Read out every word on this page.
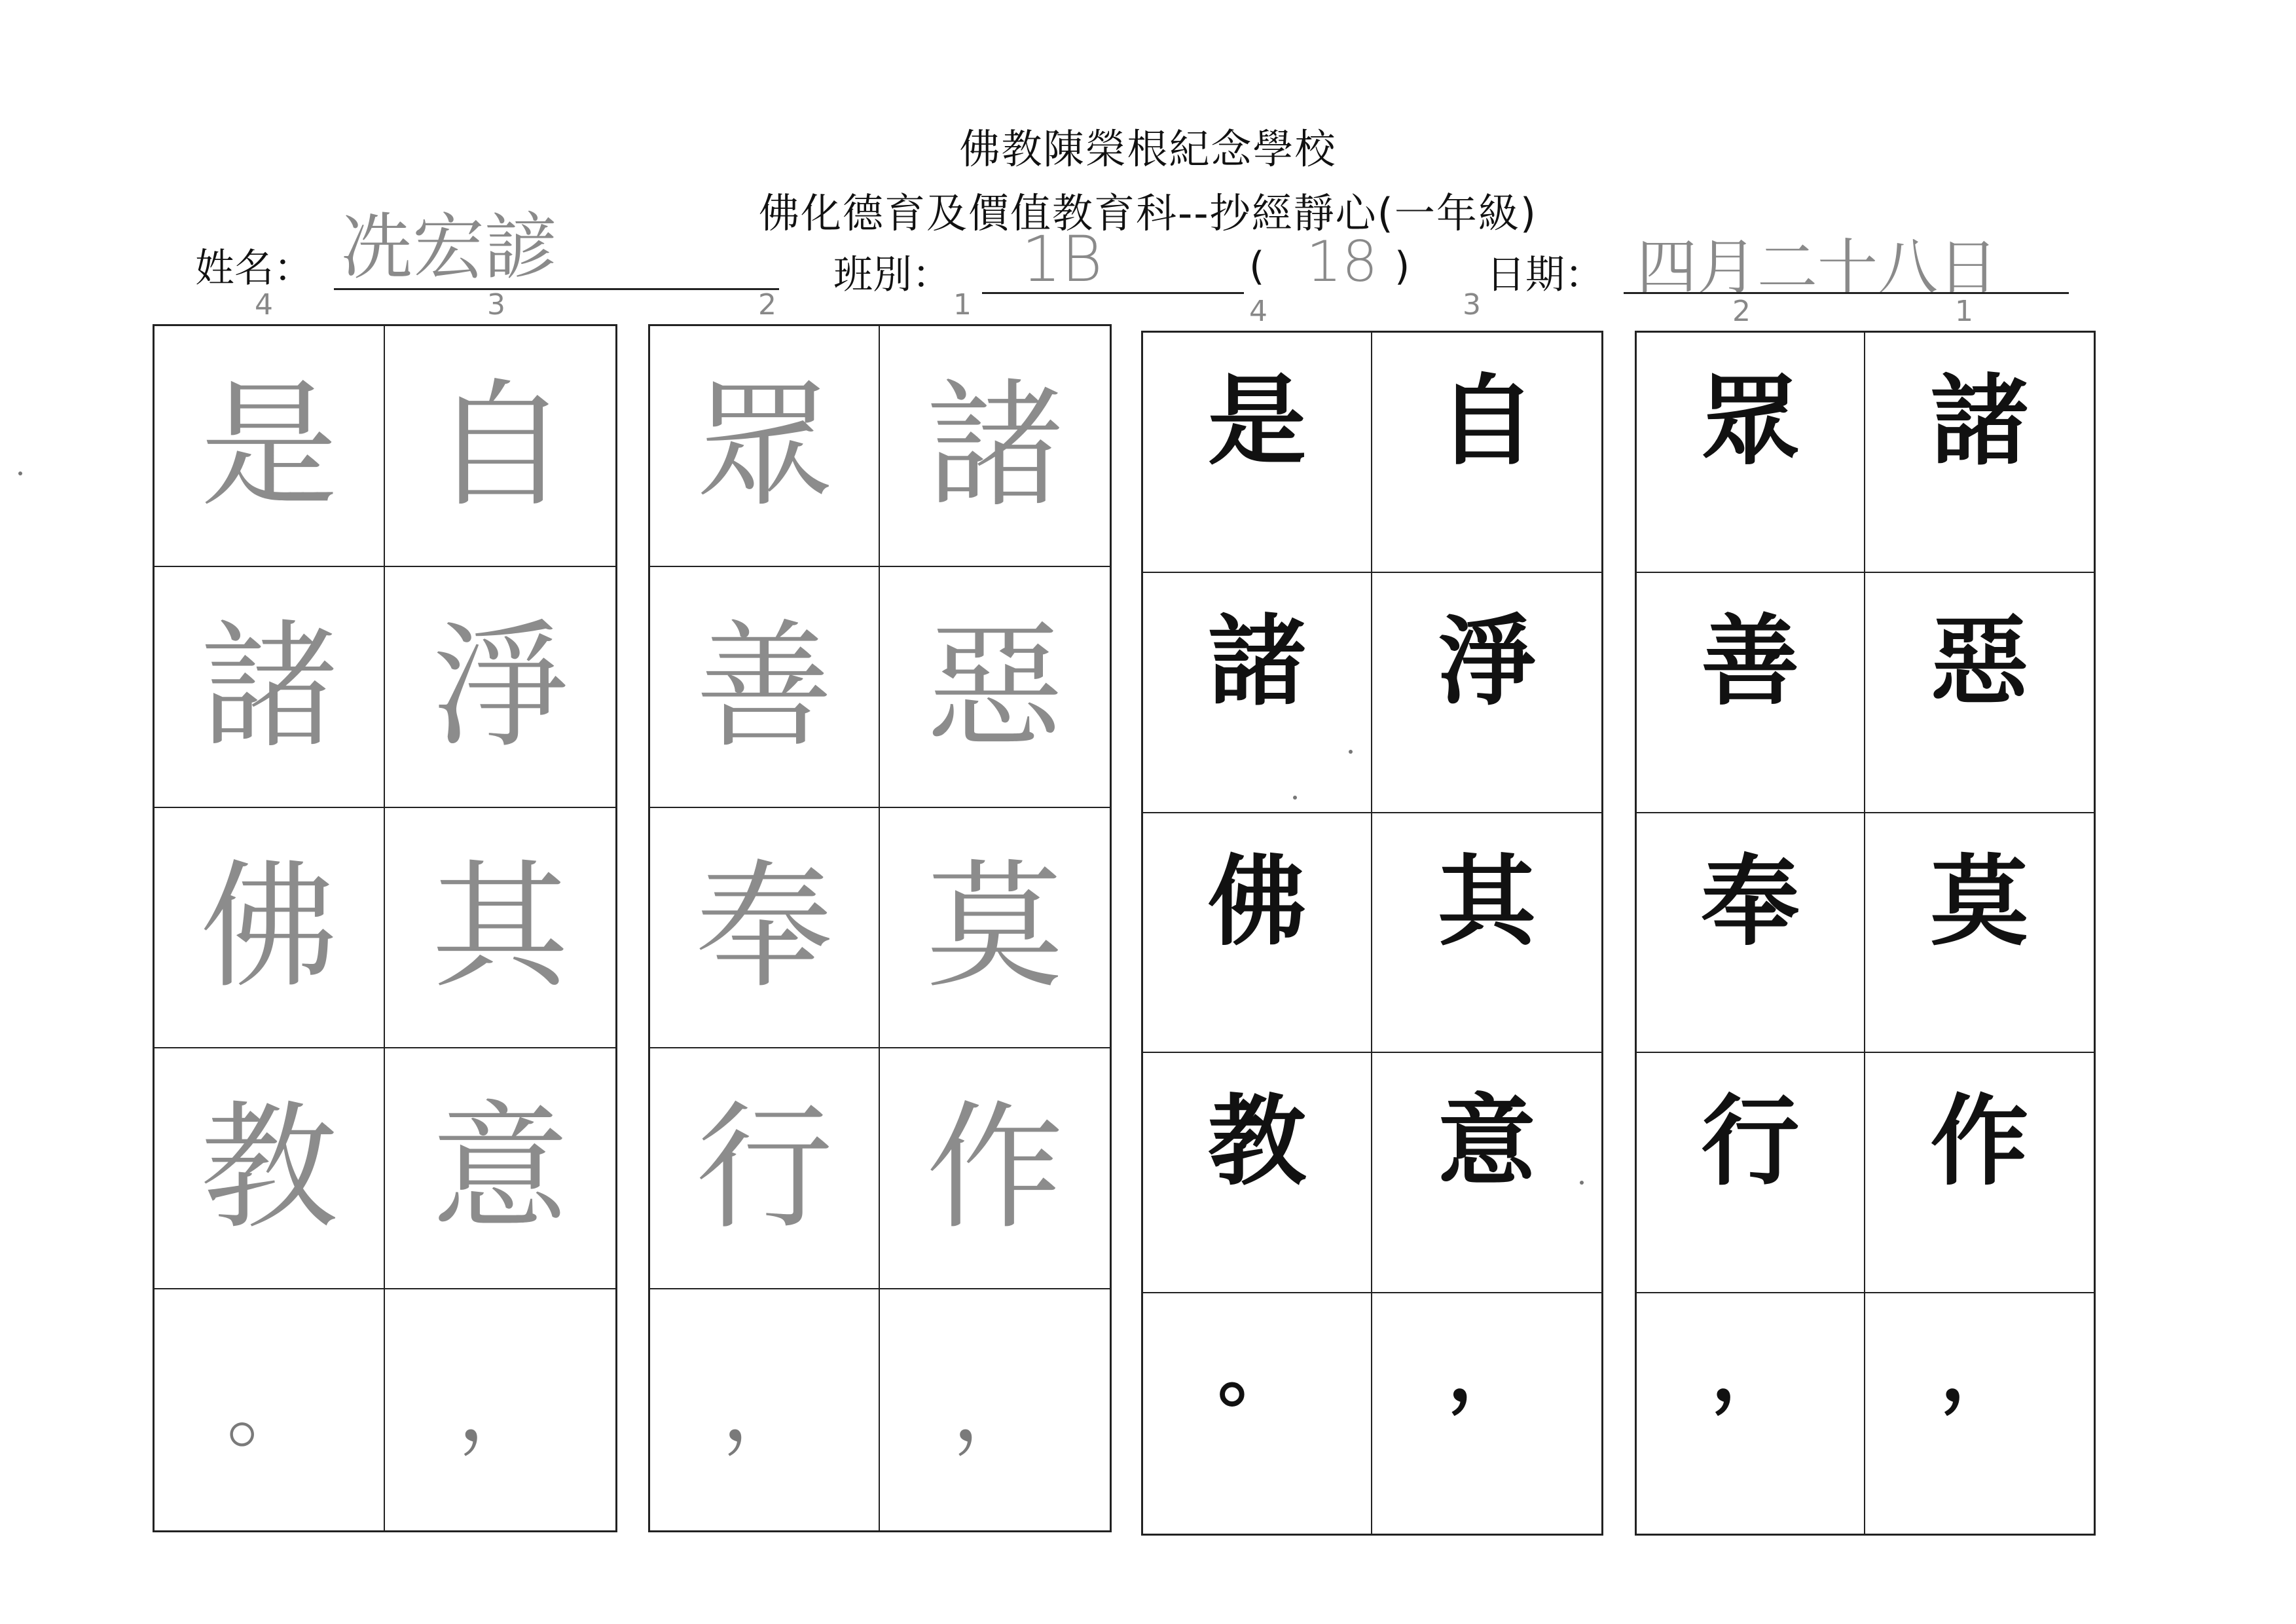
佛教陳榮根紀念學校
佛化德育及價值教育科--抄經靜心(一年級)
姓名： 冼宏諺	班別： 1B	( 18 ) 日期： 四月二十八日
4	3	2	1	4	3	2	1
是 自
諸 淨
佛 其
教 意
。 ，
眾 諸
善 惡
奉 莫
行 作
， ，
是 自
諸 淨
佛 其
教 意
。 ，
眾 諸
善 惡
奉 莫
行 作
， ，
